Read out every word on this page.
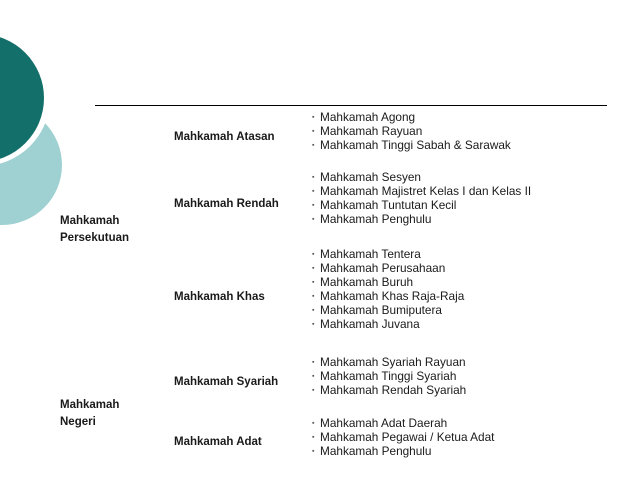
Mahkamah
Persekutuan
Mahkamah
Negeri
Mahkamah Atasan
▪ Mahkamah Agong
▪ Mahkamah Rayuan
▪ Mahkamah Tinggi Sabah & Sarawak
Mahkamah Rendah
▪ Mahkamah Sesyen
▪ Mahkamah Majistret Kelas I dan Kelas II
▪ Mahkamah Tuntutan Kecil
▪ Mahkamah Penghulu
Mahkamah Khas
▪ Mahkamah Tentera
▪ Mahkamah Perusahaan
▪ Mahkamah Buruh
▪ Mahkamah Khas Raja-Raja
▪ Mahkamah Bumiputera
▪ Mahkamah Juvana
Mahkamah Syariah
▪ Mahkamah Syariah Rayuan
▪ Mahkamah Tinggi Syariah
▪ Mahkamah Rendah Syariah
Mahkamah Adat
▪ Mahkamah Adat Daerah
▪ Mahkamah Pegawai / Ketua Adat
▪ Mahkamah Penghulu
